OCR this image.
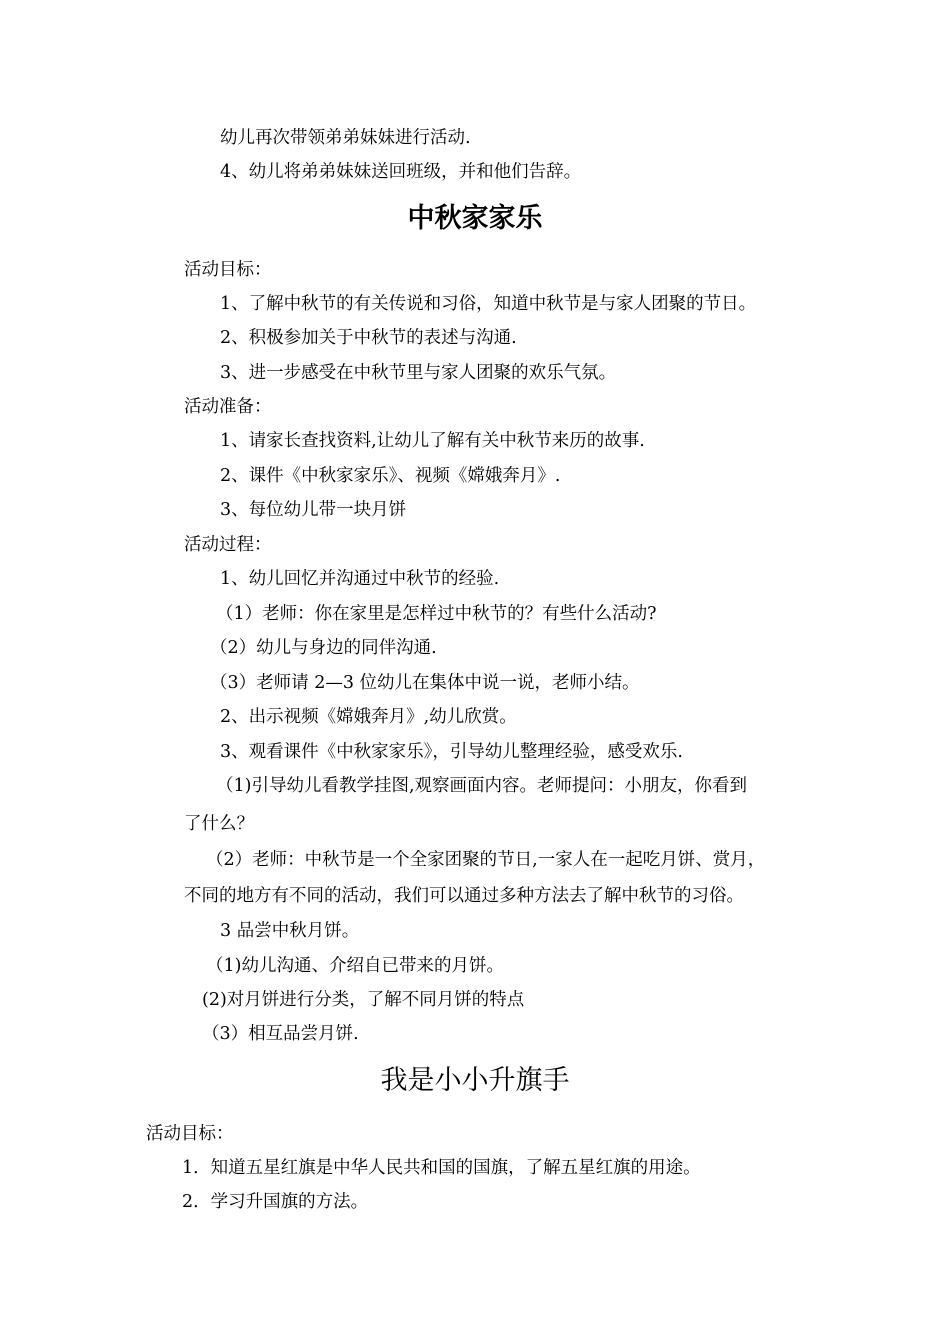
幼儿再次带领弟弟妹妹进行活动.
4、幼儿将弟弟妹妹送回班级，并和他们告辞。
中秋家家乐
活动目标：
1、了解中秋节的有关传说和习俗，知道中秋节是与家人团聚的节日。
2、积极参加关于中秋节的表述与沟通.
3、进一步感受在中秋节里与家人团聚的欢乐气氛。
活动准备：
1、请家长查找资料,让幼儿了解有关中秋节来历的故事.
2、课件《中秋家家乐》、视频《嫦娥奔月》.
3、每位幼儿带一块月饼
活动过程：
1、幼儿回忆并沟通过中秋节的经验.
（1）老师：你在家里是怎样过中秋节的？有些什么活动?
（2）幼儿与身边的同伴沟通.
（3）老师请 2—3 位幼儿在集体中说一说，老师小结。
2、出示视频《嫦娥奔月》,幼儿欣赏。
3、观看课件《中秋家家乐》，引导幼儿整理经验，感受欢乐.
（1)引导幼儿看教学挂图,观察画面内容。老师提问：小朋友，你看到
了什么？
（2）老师：中秋节是一个全家团聚的节日,一家人在一起吃月饼、赏月，
不同的地方有不同的活动，我们可以通过多种方法去了解中秋节的习俗。
3 品尝中秋月饼。
（1)幼儿沟通、介绍自已带来的月饼。
(2)对月饼进行分类，了解不同月饼的特点
（3）相互品尝月饼.
我是小小升旗手
活动目标：
1．知道五星红旗是中华人民共和国的国旗，了解五星红旗的用途。
2．学习升国旗的方法。
